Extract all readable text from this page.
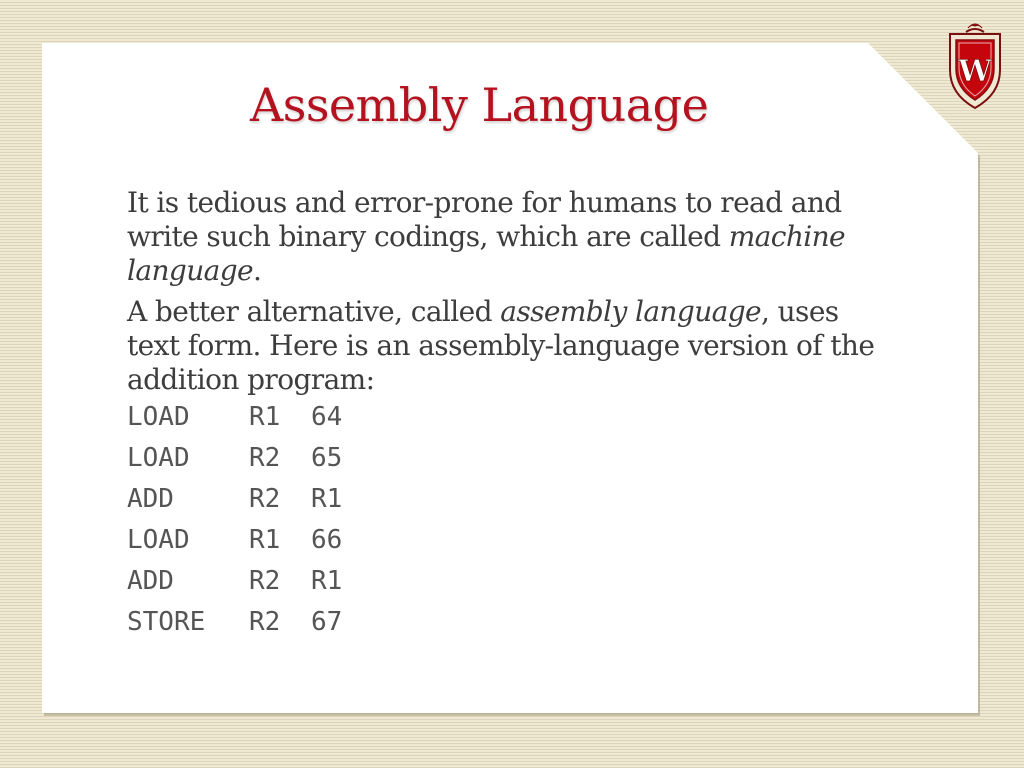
Assembly Language

It is tedious and error-prone for humans to read and write such binary codings, which are called machine language.

A better alternative, called assembly language, uses text form. Here is an assembly-language version of the addition program:

LOAD R1 64
LOAD R2 65
ADD	R2 R1
LOAD R1 66
ADD	R2 R1
STORE R2 67
W
